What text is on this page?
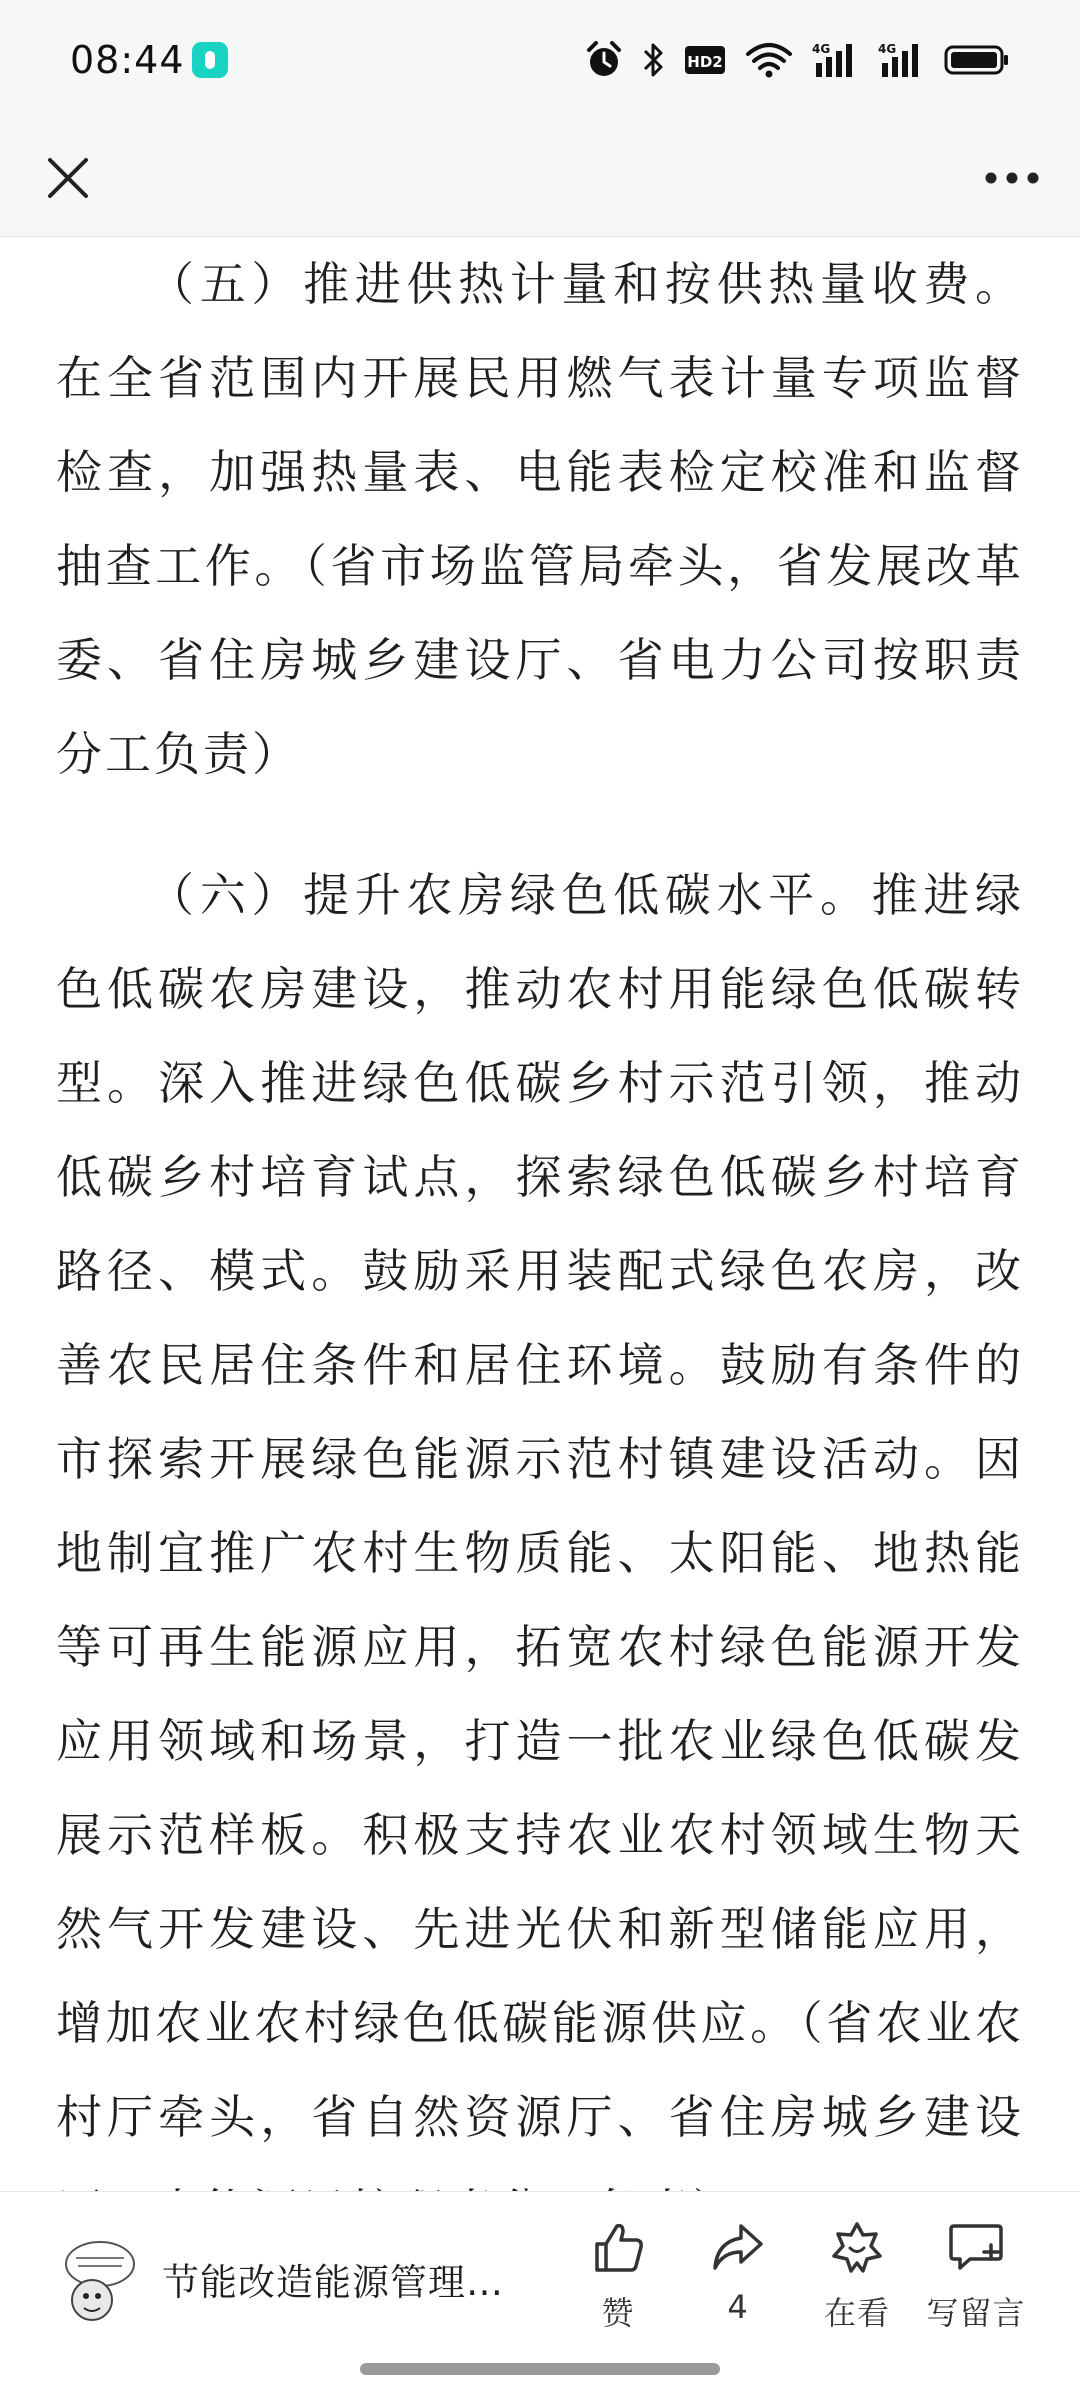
08:44	HD2
4G	4G

（五）推进供热计量和按供热量收费。在全省范围内开展民用燃气表计量专项监督检查，加强热量表、电能表检定校准和监督抽查工作。（省市场监管局牵头，省发展改革委、省住房城乡建设厅、省电力公司按职责分工负责）

（六）提升农房绿色低碳水平。推进绿色低碳农房建设，推动农村用能绿色低碳转型。深入推进绿色低碳乡村示范引领，推动低碳乡村培育试点，探索绿色低碳乡村培育路径、模式。鼓励采用装配式绿色农房，改善农民居住条件和居住环境。鼓励有条件的市探索开展绿色能源示范村镇建设活动。因地制宜推广农村生物质能、太阳能、地热能等可再生能源应用，拓宽农村绿色能源开发应用领域和场景，打造一批农业绿色低碳发展示范样板。积极支持农业农村领域生物天然气开发建设、先进光伏和新型储能应用，增加农业农村绿色低碳能源供应。（省农业农村厅牵头，省自然资源厅、省住房城乡建设

节能改造能源管理…
赞	4	在看	写留言
